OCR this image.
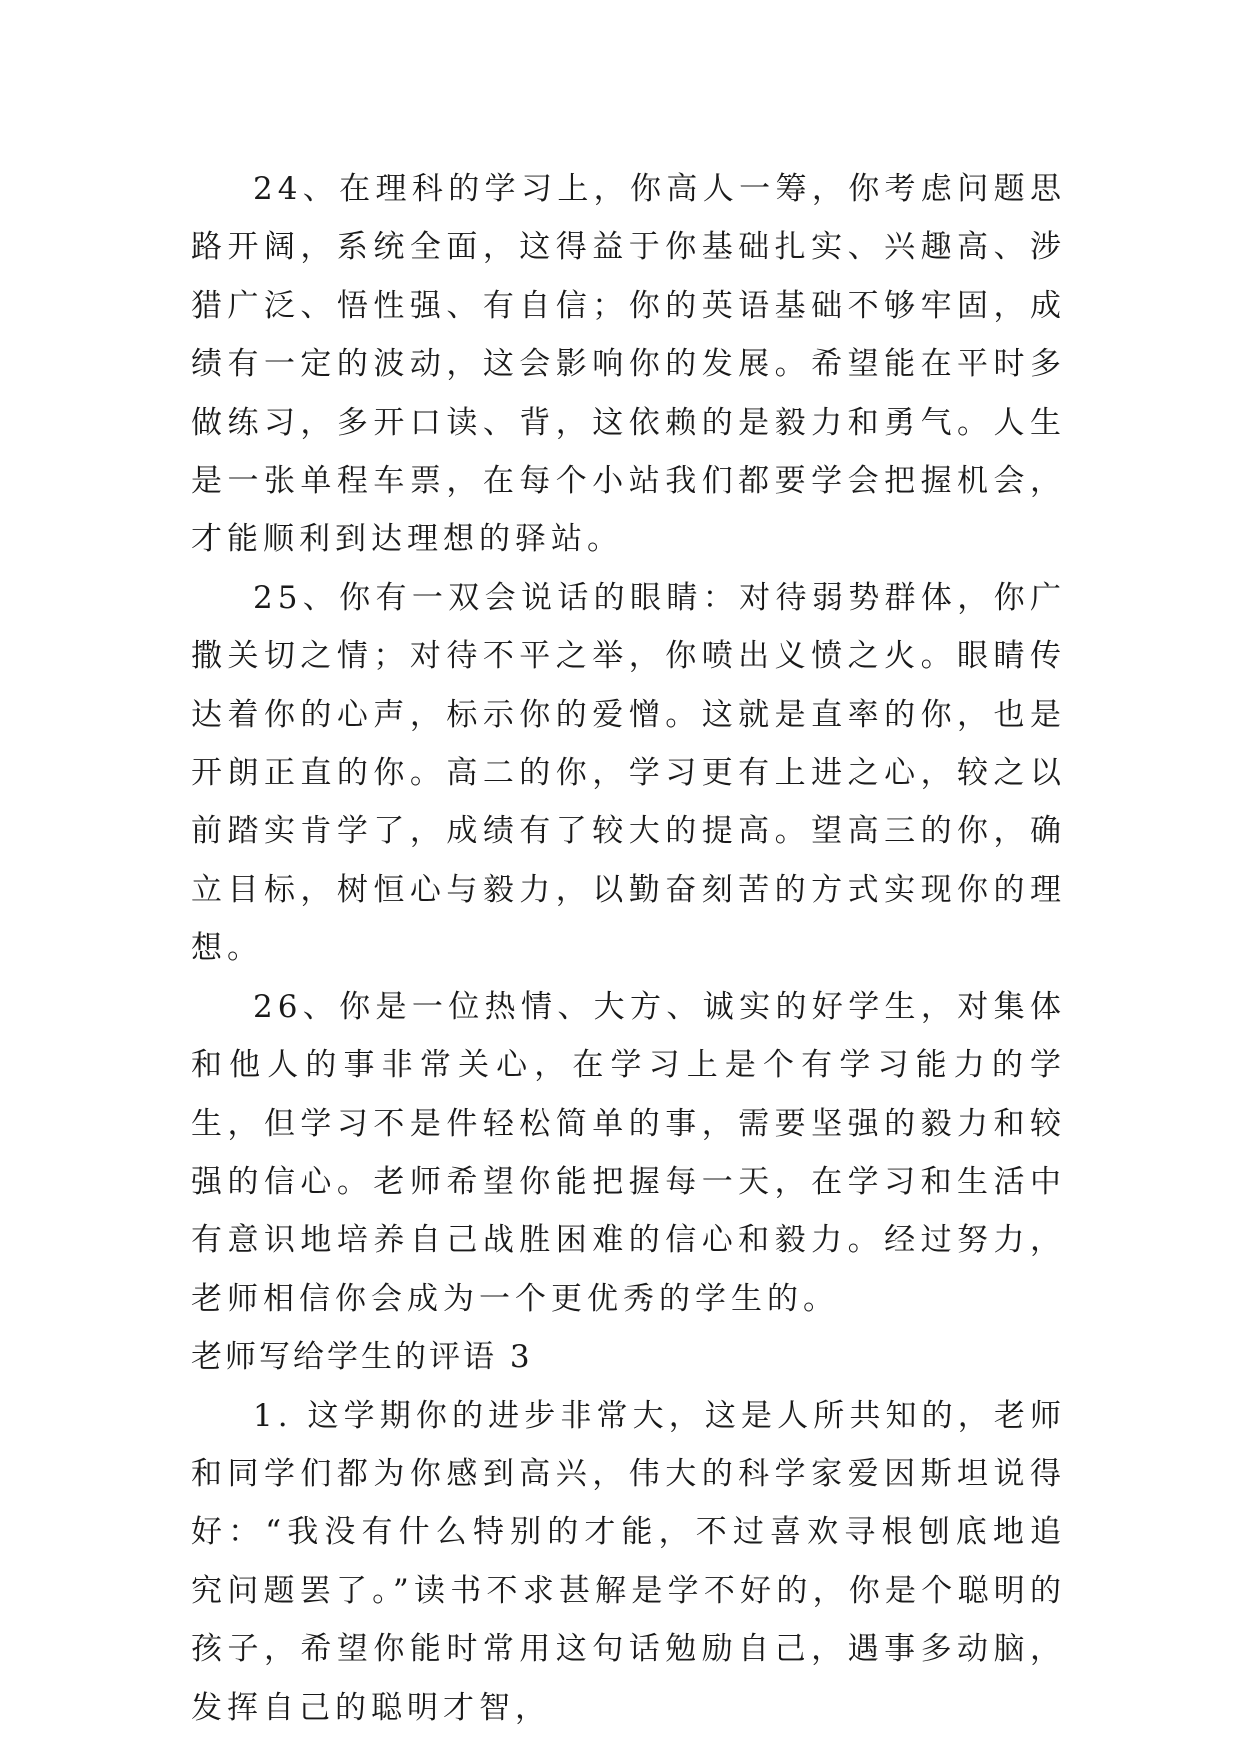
24、在理科的学习上，你高人一筹，你考虑问题思路开阔，系统全面，这得益于你基础扎实、兴趣高、涉猎广泛、悟性强、有自信；你的英语基础不够牢固，成绩有一定的波动，这会影响你的发展。希望能在平时多做练习，多开口读、背，这依赖的是毅力和勇气。人生是一张单程车票，在每个小站我们都要学会把握机会，才能顺利到达理想的驿站。

25、你有一双会说话的眼睛：对待弱势群体，你广撒关切之情；对待不平之举，你喷出义愤之火。眼睛传达着你的心声，标示你的爱憎。这就是直率的你，也是开朗正直的你。高二的你，学习更有上进之心，较之以前踏实肯学了，成绩有了较大的提高。望高三的你，确立目标，树恒心与毅力，以勤奋刻苦的方式实现你的理想。

26、你是一位热情、大方、诚实的好学生，对集体和他人的事非常关心，在学习上是个有学习能力的学生，但学习不是件轻松简单的事，需要坚强的毅力和较强的信心。老师希望你能把握每一天，在学习和生活中有意识地培养自己战胜困难的信心和毅力。经过努力，老师相信你会成为一个更优秀的学生的。

老师写给学生的评语 3

1. 这学期你的进步非常大，这是人所共知的，老师和同学们都为你感到高兴，伟大的科学家爱因斯坦说得好：“我没有什么特别的才能，不过喜欢寻根刨底地追究问题罢了。”读书不求甚解是学不好的，你是个聪明的孩子，希望你能时常用这句话勉励自己，遇事多动脑，发挥自己的聪明才智，
